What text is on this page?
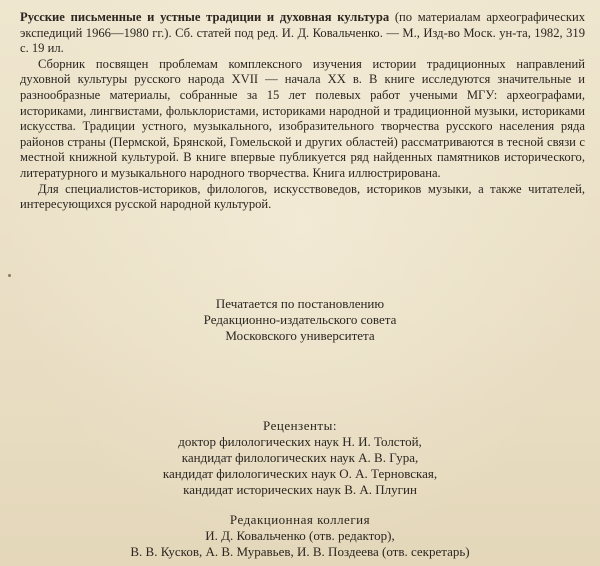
Русские письменные и устные традиции и духовная культура (по материалам археографических экспедиций 1966—1980 гг.). Сб. статей под ред. И. Д. Ковальченко. — М., Изд-во Моск. ун-та, 1982, 319 с. 19 ил.

Сборник посвящен проблемам комплексного изучения истории традиционных направлений духовной культуры русского народа XVII — начала XX в. В книге исследуются значительные и разнообразные материалы, собранные за 15 лет полевых работ учеными МГУ: археографами, историками, лингвистами, фольклористами, историками народной и традиционной музыки, историками искусства. Традиции устного, музыкального, изобразительного творчества русского населения ряда районов страны (Пермской, Брянской, Гомельской и других областей) рассматриваются в тесной связи с местной книжной культурой. В книге впервые публикуется ряд найденных памятников исторического, литературного и музыкального народного творчества. Книга иллюстрирована.

Для специалистов-историков, филологов, искусствоведов, историков музыки, а также читателей, интересующихся русской народной культурой.

Печатается по постановлению
Редакционно-издательского совета
Московского университета
Рецензенты:
доктор филологических наук Н. И. Толстой,
кандидат филологических наук А. В. Гура,
кандидат филологических наук О. А. Терновская,
кандидат исторических наук В. А. Плугин
Редакционная коллегия
И. Д. Ковальченко (отв. редактор),
В. В. Кусков, А. В. Муравьев, И. В. Поздеева (отв. секретарь)
